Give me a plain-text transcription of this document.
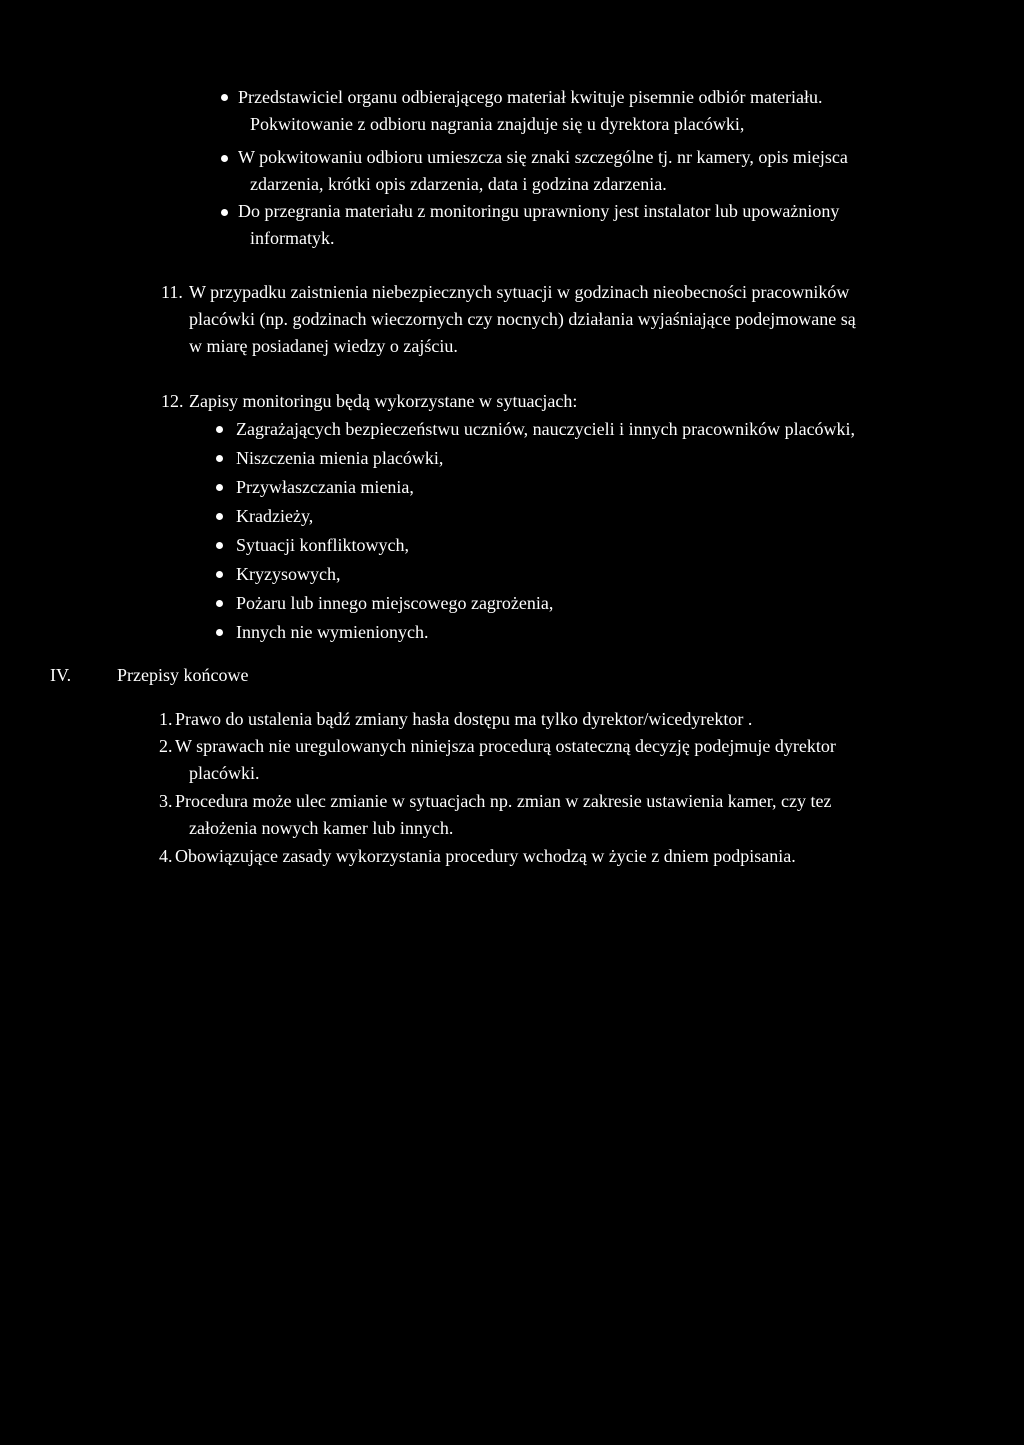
Przedstawiciel organu odbierającego materiał kwituje pisemnie odbiór materiału.
Pokwitowanie z odbioru nagrania znajduje się u dyrektora placówki,
W pokwitowaniu odbioru umieszcza się znaki szczególne tj. nr kamery, opis miejsca
zdarzenia, krótki opis zdarzenia, data i godzina zdarzenia.
Do przegrania materiału z monitoringu uprawniony jest instalator lub upoważniony
informatyk.
11. W przypadku zaistnienia niebezpiecznych sytuacji w godzinach nieobecności pracowników
placówki (np. godzinach wieczornych czy nocnych) działania wyjaśniające podejmowane są
w miarę posiadanej wiedzy o zajściu.
12. Zapisy monitoringu będą wykorzystane w sytuacjach:
Zagrażających bezpieczeństwu uczniów, nauczycieli i innych pracowników placówki,
Niszczenia mienia placówki,
Przywłaszczania mienia,
Kradzieży,
Sytuacji konfliktowych,
Kryzysowych,
Pożaru lub innego miejscowego zagrożenia,
Innych nie wymienionych.
IV.	Przepisy końcowe
1. Prawo do ustalenia bądź zmiany hasła dostępu ma tylko dyrektor/wicedyrektor .
2. W sprawach nie uregulowanych niniejsza procedurą ostateczną decyzję podejmuje dyrektor
placówki.
3. Procedura może ulec zmianie w sytuacjach np. zmian w zakresie ustawienia kamer, czy tez
założenia nowych kamer lub innych.
4. Obowiązujące zasady wykorzystania procedury wchodzą w życie z dniem podpisania.
